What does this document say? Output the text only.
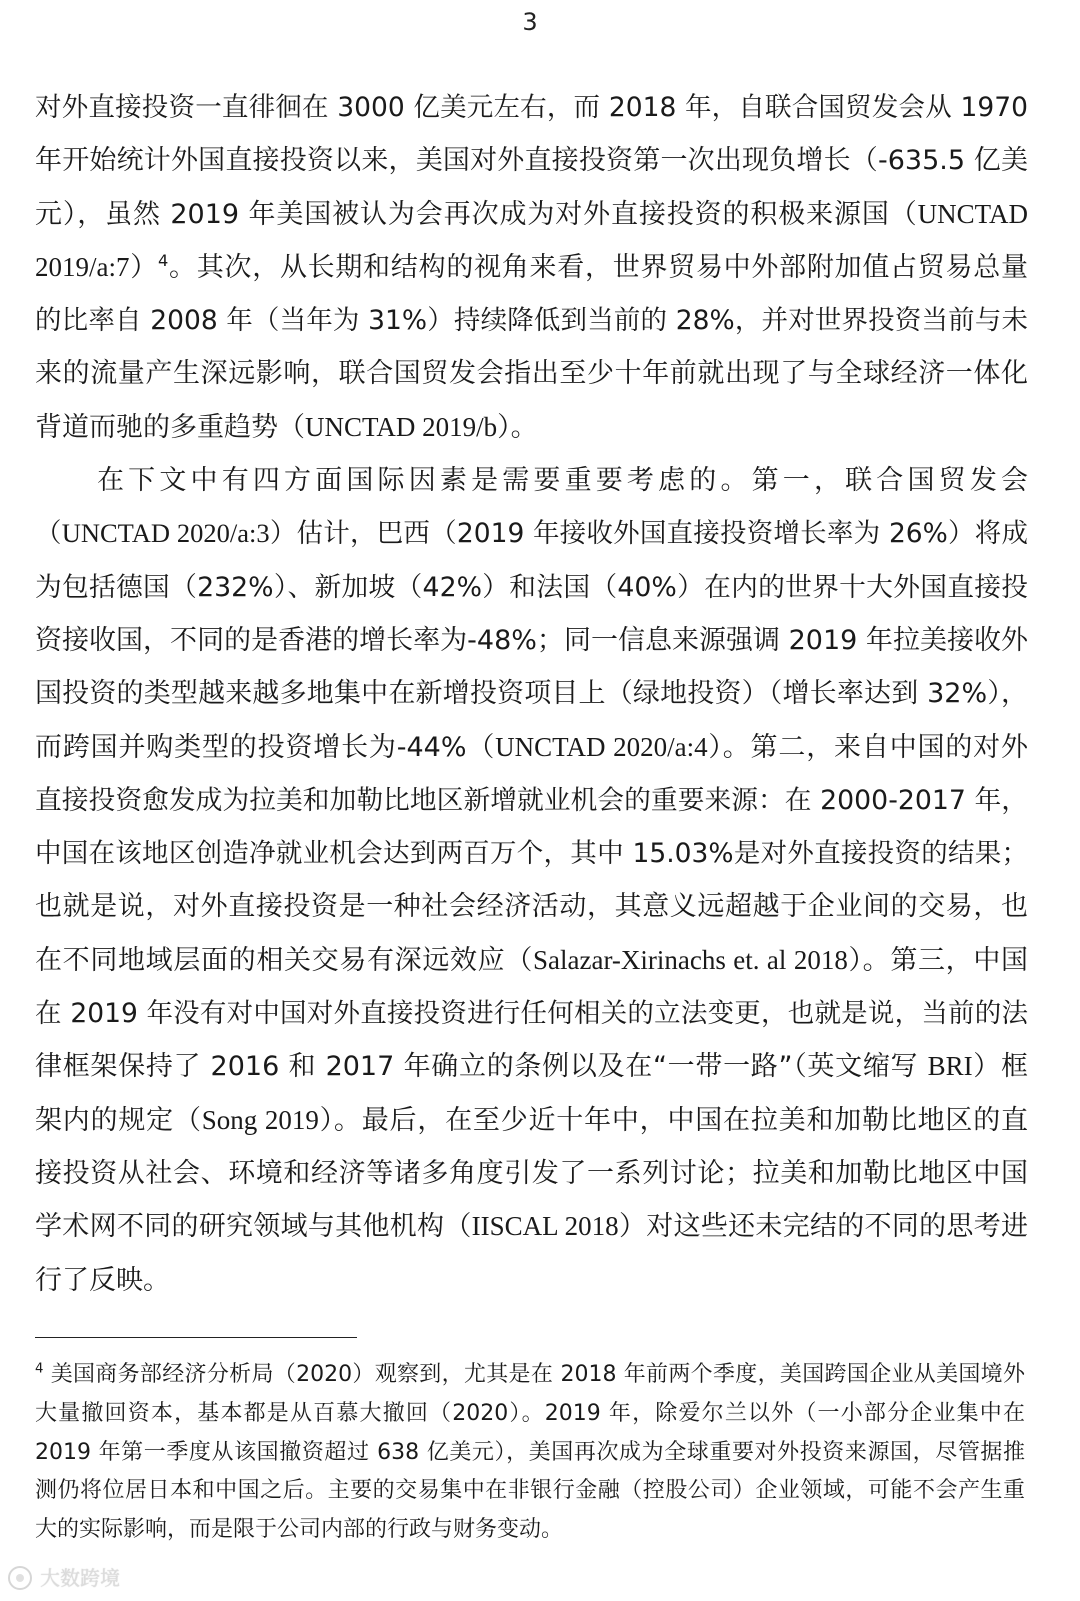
3
对外直接投资一直徘徊在 3000 亿美元左右，而 2018 年，自联合国贸发会从 1970
年开始统计外国直接投资以来，美国对外直接投资第一次出现负增长（-635.5 亿美
元），虽然 2019 年美国被认为会再次成为对外直接投资的积极来源国（UNCTAD
2019/a:7）$^4$。其次，从长期和结构的视角来看，世界贸易中外部附加值占贸易总量
的比率自 2008 年（当年为 31%）持续降低到当前的 28%，并对世界投资当前与未
来的流量产生深远影响，联合国贸发会指出至少十年前就出现了与全球经济一体化
背道而驰的多重趋势（UNCTAD 2019/b）。
在下文中有四方面国际因素是需要重要考虑的。第一，联合国贸发会
（UNCTAD 2020/a:3）估计，巴西（2019 年接收外国直接投资增长率为 26%）将成
为包括德国（232%）、新加坡（42%）和法国（40%）在内的世界十大外国直接投
资接收国，不同的是香港的增长率为-48%；同一信息来源强调 2019 年拉美接收外
国投资的类型越来越多地集中在新增投资项目上（绿地投资）（增长率达到 32%），
而跨国并购类型的投资增长为-44%（UNCTAD 2020/a:4）。第二，来自中国的对外
直接投资愈发成为拉美和加勒比地区新增就业机会的重要来源：在 2000-2017 年，
中国在该地区创造净就业机会达到两百万个，其中 15.03%是对外直接投资的结果；
也就是说，对外直接投资是一种社会经济活动，其意义远超越于企业间的交易，也
在不同地域层面的相关交易有深远效应（Salazar-Xirinachs et. al 2018）。第三，中国
在 2019 年没有对中国对外直接投资进行任何相关的立法变更，也就是说，当前的法
律框架保持了 2016 和 2017 年确立的条例以及在“一带一路”（英文缩写 BRI）框
架内的规定（Song 2019）。最后，在至少近十年中，中国在拉美和加勒比地区的直
接投资从社会、环境和经济等诸多角度引发了一系列讨论；拉美和加勒比地区中国
学术网不同的研究领域与其他机构（IISCAL 2018）对这些还未完结的不同的思考进
行了反映。
$^4$ 美国商务部经济分析局（2020）观察到，尤其是在 2018 年前两个季度，美国跨国企业从美国境外
大量撤回资本，基本都是从百慕大撤回（2020）。2019 年，除爱尔兰以外（一小部分企业集中在
2019 年第一季度从该国撤资超过 638 亿美元），美国再次成为全球重要对外投资来源国，尽管据推
测仍将位居日本和中国之后。主要的交易集中在非银行金融（控股公司）企业领域，可能不会产生重
大的实际影响，而是限于公司内部的行政与财务变动。
大数跨境
